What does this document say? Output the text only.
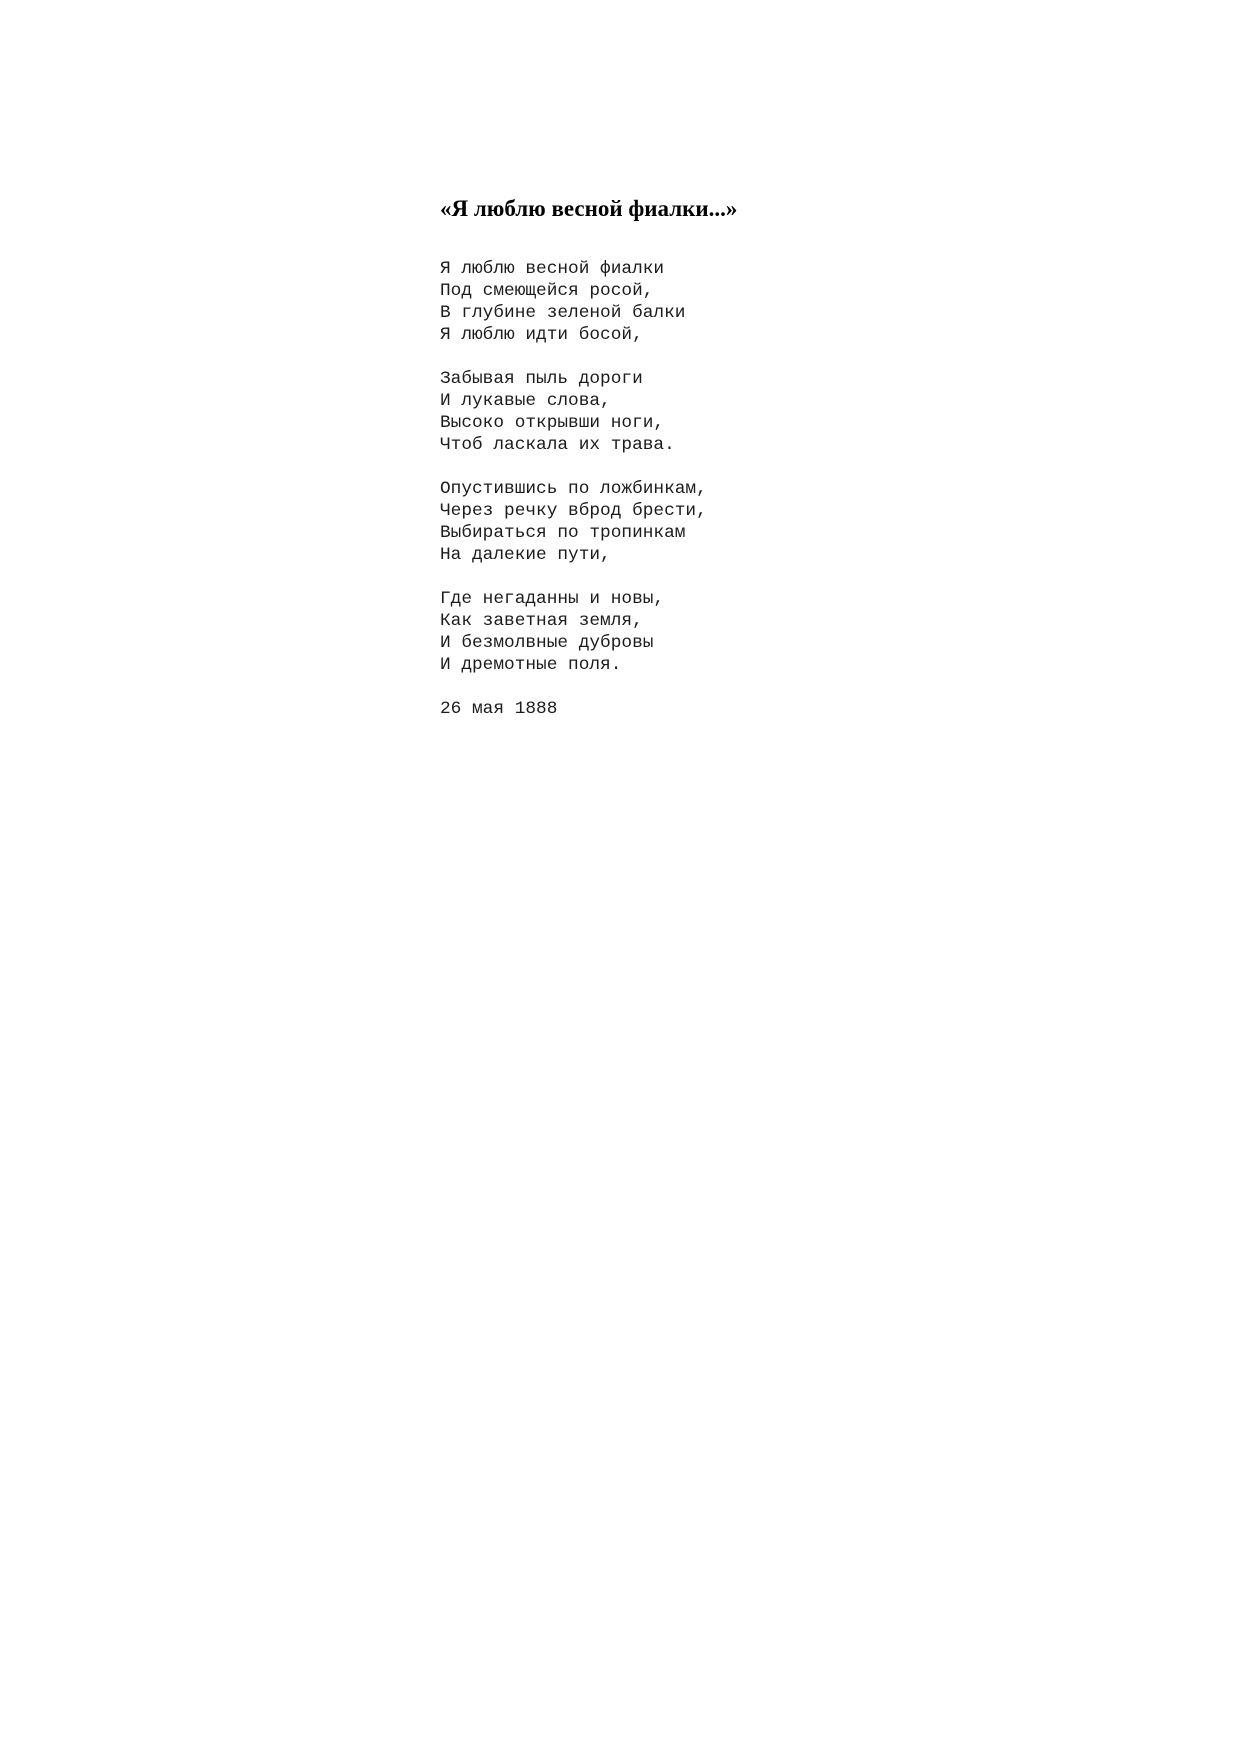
«Я люблю весной фиалки...»
Я люблю весной фиалки
Под смеющейся росой,
В глубине зеленой балки
Я люблю идти босой,
Забывая пыль дороги
И лукавые слова,
Высоко открывши ноги,
Чтоб ласкала их трава.
Опустившись по ложбинкам,
Через речку вброд брести,
Выбираться по тропинкам
На далекие пути,
Где негаданны и новы,
Как заветная земля,
И безмолвные дубровы
И дремотные поля.
26 мая 1888
